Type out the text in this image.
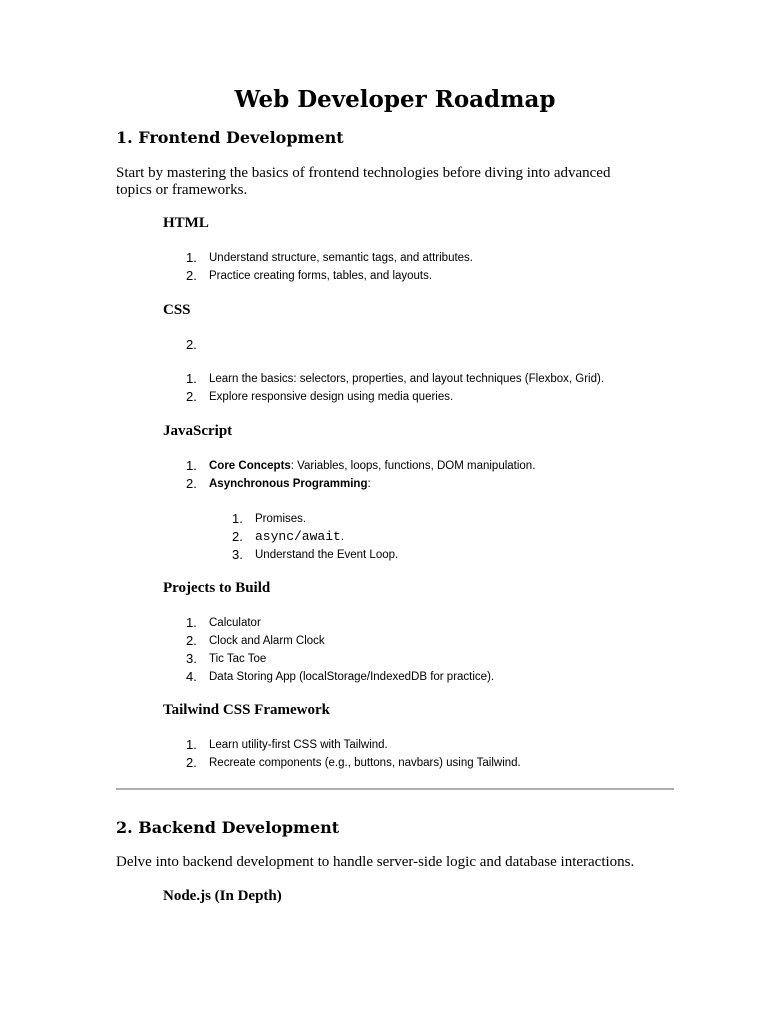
Web Developer Roadmap
1. Frontend Development

Start by mastering the basics of frontend technologies before diving into advanced

topics or frameworks.

HTML
1. Understand structure, semantic tags, and attributes.
2. Practice creating forms, tables, and layouts.
CSS
2.
1. Learn the basics: selectors, properties, and layout techniques (Flexbox, Grid).
2. Explore responsive design using media queries.
JavaScript
1. Core Concepts: Variables, loops, functions, DOM manipulation.
2. Asynchronous Programming:
1. Promises.
2. async/await.
3. Understand the Event Loop.
Projects to Build
1. Calculator
2. Clock and Alarm Clock
3. Tic Tac Toe
4. Data Storing App (localStorage/IndexedDB for practice).
Tailwind CSS Framework
1. Learn utility-first CSS with Tailwind.
2. Recreate components (e.g., buttons, navbars) using Tailwind.
2. Backend Development

Delve into backend development to handle server-side logic and database interactions.

Node.js (In Depth)
